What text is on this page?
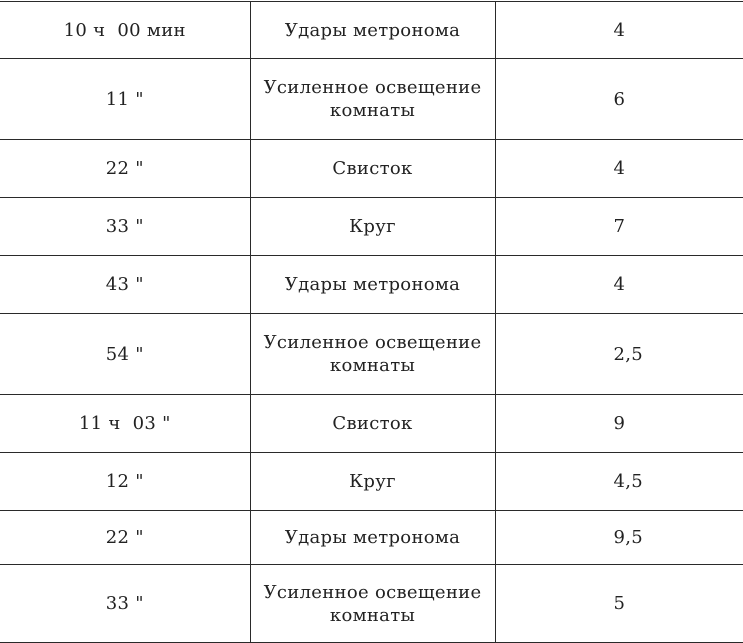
10 ч  00 мин	Удары метронома	4
11 "	Усиленное освещение комнаты	6
22 "	Свисток	4
33 "	Круг	7
43 "	Удары метронома	4
54 "	Усиленное освещение комнаты	2,5
11 ч  03 "	Свисток	9
12 "	Круг	4,5
22 "	Удары метронома	9,5
33 "	Усиленное освещение комнаты	5
